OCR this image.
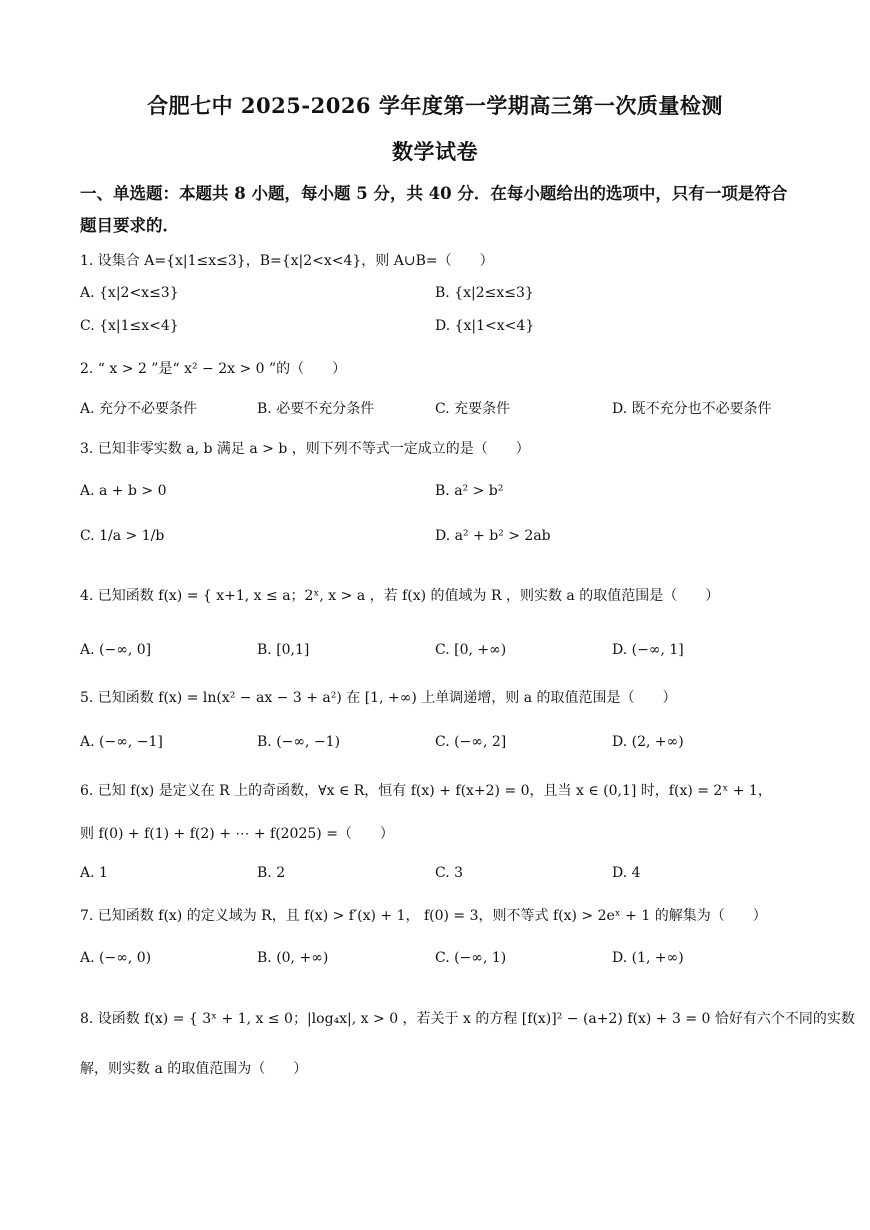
合肥七中 2025-2026 学年度第一学期高三第一次质量检测
数学试卷
一、单选题：本题共 8 小题，每小题 5 分，共 40 分．在每小题给出的选项中，只有一项是符合
题目要求的．
1. 设集合 A={x|1≤x≤3}，B={x|2<x<4}，则 A∪B=（　　）
A. {x|2<x≤3}	B. {x|2≤x≤3}
C. {x|1≤x<4}	D. {x|1<x<4}
2. “ x > 2 ”是“ x² − 2x > 0 ”的（　　）
A. 充分不必要条件	B. 必要不充分条件	C. 充要条件	D. 既不充分也不必要条件
3. 已知非零实数 a, b 满足 a > b ，则下列不等式一定成立的是（　　）
A. a + b > 0	B. a² > b²
C. 1/a > 1/b	D. a² + b² > 2ab
4. 已知函数 f(x) = { x+1, x ≤ a；2ˣ, x > a ，若 f(x) 的值域为 R ，则实数 a 的取值范围是（　　）
A. (−∞, 0]	B. [0,1]	C. [0, +∞)	D. (−∞, 1]
5. 已知函数 f(x) = ln(x² − ax − 3 + a²) 在 [1, +∞) 上单调递增，则 a 的取值范围是（　　）
A. (−∞, −1]	B. (−∞, −1)	C. (−∞, 2]	D. (2, +∞)
6. 已知 f(x) 是定义在 R 上的奇函数，∀x ∈ R，恒有 f(x) + f(x+2) = 0，且当 x ∈ (0,1] 时，f(x) = 2ˣ + 1，
则 f(0) + f(1) + f(2) + ⋯ + f(2025) =（　　）
A. 1	B. 2	C. 3	D. 4
7. 已知函数 f(x) 的定义域为 R，且 f(x) > f′(x) + 1， f(0) = 3，则不等式 f(x) > 2eˣ + 1 的解集为（　　）
A. (−∞, 0)	B. (0, +∞)	C. (−∞, 1)	D. (1, +∞)
8. 设函数 f(x) = { 3ˣ + 1, x ≤ 0；|log₄x|, x > 0 ，若关于 x 的方程 [f(x)]² − (a+2) f(x) + 3 = 0 恰好有六个不同的实数
解，则实数 a 的取值范围为（　　）
